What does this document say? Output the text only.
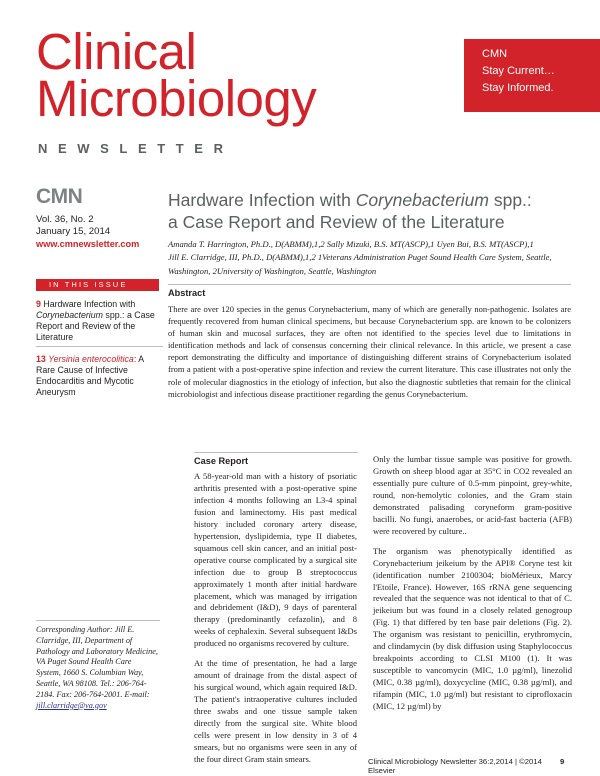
Clinical
Microbiology
NEWSLETTER
CMN
Stay Current…
Stay Informed.
CMN
Vol. 36, No. 2
January 15, 2014
www.cmnewsletter.com
IN THIS ISSUE
9 Hardware Infection with Corynebacterium spp.: a Case Report and Review of the Literature
13 Yersinia enterocolitica: A Rare Cause of Infective Endocarditis and Mycotic Aneurysm
Corresponding Author: Jill E. Clarridge, III, Department of Pathology and Laboratory Medicine, VA Puget Sound Health Care System, 1660 S. Columbian Way, Seattle, WA 98108. Tel.: 206-764-2184. Fax: 206-764-2001. E-mail: jill.clarridge@va.gov
Hardware Infection with Corynebacterium spp.:
a Case Report and Review of the Literature
Amanda T. Harrington, Ph.D., D(ABMM),1,2 Sally Mizuki, B.S. MT(ASCP),1 Uyen Bui, B.S. MT(ASCP),1
Jill E. Clarridge, III, Ph.D., D(ABMM),1,2 1Veterans Administration Puget Sound Health Care System, Seattle,
Washington, 2University of Washington, Seattle, Washington
Abstract
There are over 120 species in the genus Corynebacterium, many of which are generally non-pathogenic. Isolates are frequently recovered from human clinical specimens, but because Corynebacterium spp. are known to be colonizers of human skin and mucosal surfaces, they are often not identified to the species level due to limitations in identification methods and lack of consensus concerning their clinical relevance. In this article, we present a case report demonstrating the difficulty and importance of distinguishing different strains of Corynebacterium isolated from a patient with a post-operative spine infection and review the current literature. This case illustrates not only the role of molecular diagnostics in the etiology of infection, but also the diagnostic subtleties that remain for the clinical microbiologist and infectious disease practitioner regarding the genus Corynebacterium.
Case Report

A 58-year-old man with a history of psoriatic arthritis presented with a post-operative spine infection 4 months following an L3-4 spinal fusion and laminectomy. His past medical history included coronary artery disease, hypertension, dyslipidemia, type II diabetes, squamous cell skin cancer, and an initial post-operative course complicated by a surgical site infection due to group B streptococcus approximately 1 month after initial hardware placement, which was managed by irrigation and debridement (I&D), 9 days of parenteral therapy (predominantly cefazolin), and 8 weeks of cephalexin. Several subsequent I&Ds produced no organisms recovered by culture.

At the time of presentation, he had a large amount of drainage from the distal aspect of his surgical wound, which again required I&D. The patient's intraoperative cultures included three swabs and one tissue sample taken directly from the surgical site. White blood cells were present in low density in 3 of 4 smears, but no organisms were seen in any of the four direct Gram stain smears.

Only the lumbar tissue sample was positive for growth. Growth on sheep blood agar at 35°C in CO2 revealed an essentially pure culture of 0.5-mm pinpoint, grey-white, round, non-hemolytic colonies, and the Gram stain demonstrated palisading coryneform gram-positive bacilli. No fungi, anaerobes, or acid-fast bacteria (AFB) were recovered by culture..

The organism was phenotypically identified as Corynebacterium jeikeium by the API® Coryne test kit (identification number 2100304; bioMérieux, Marcy l'Etoile, France). However, 16S rRNA gene sequencing revealed that the sequence was not identical to that of C. jeikeium but was found in a closely related genogroup (Fig. 1) that differed by ten base pair deletions (Fig. 2). The organism was resistant to penicillin, erythromycin, and clindamycin (by disk diffusion using Staphylococcus breakpoints according to CLSI M100 (1). It was susceptible to vancomycin (MIC, 1.0 µg/ml), linezolid (MIC, 0.38 µg/ml), doxycycline (MIC, 0.38 µg/ml), and rifampin (MIC, 1.0 µg/ml) but resistant to ciprofloxacin (MIC, 12 µg/ml) by

Clinical Microbiology Newsletter 36:2,2014 | ©2014 Elsevier
9
